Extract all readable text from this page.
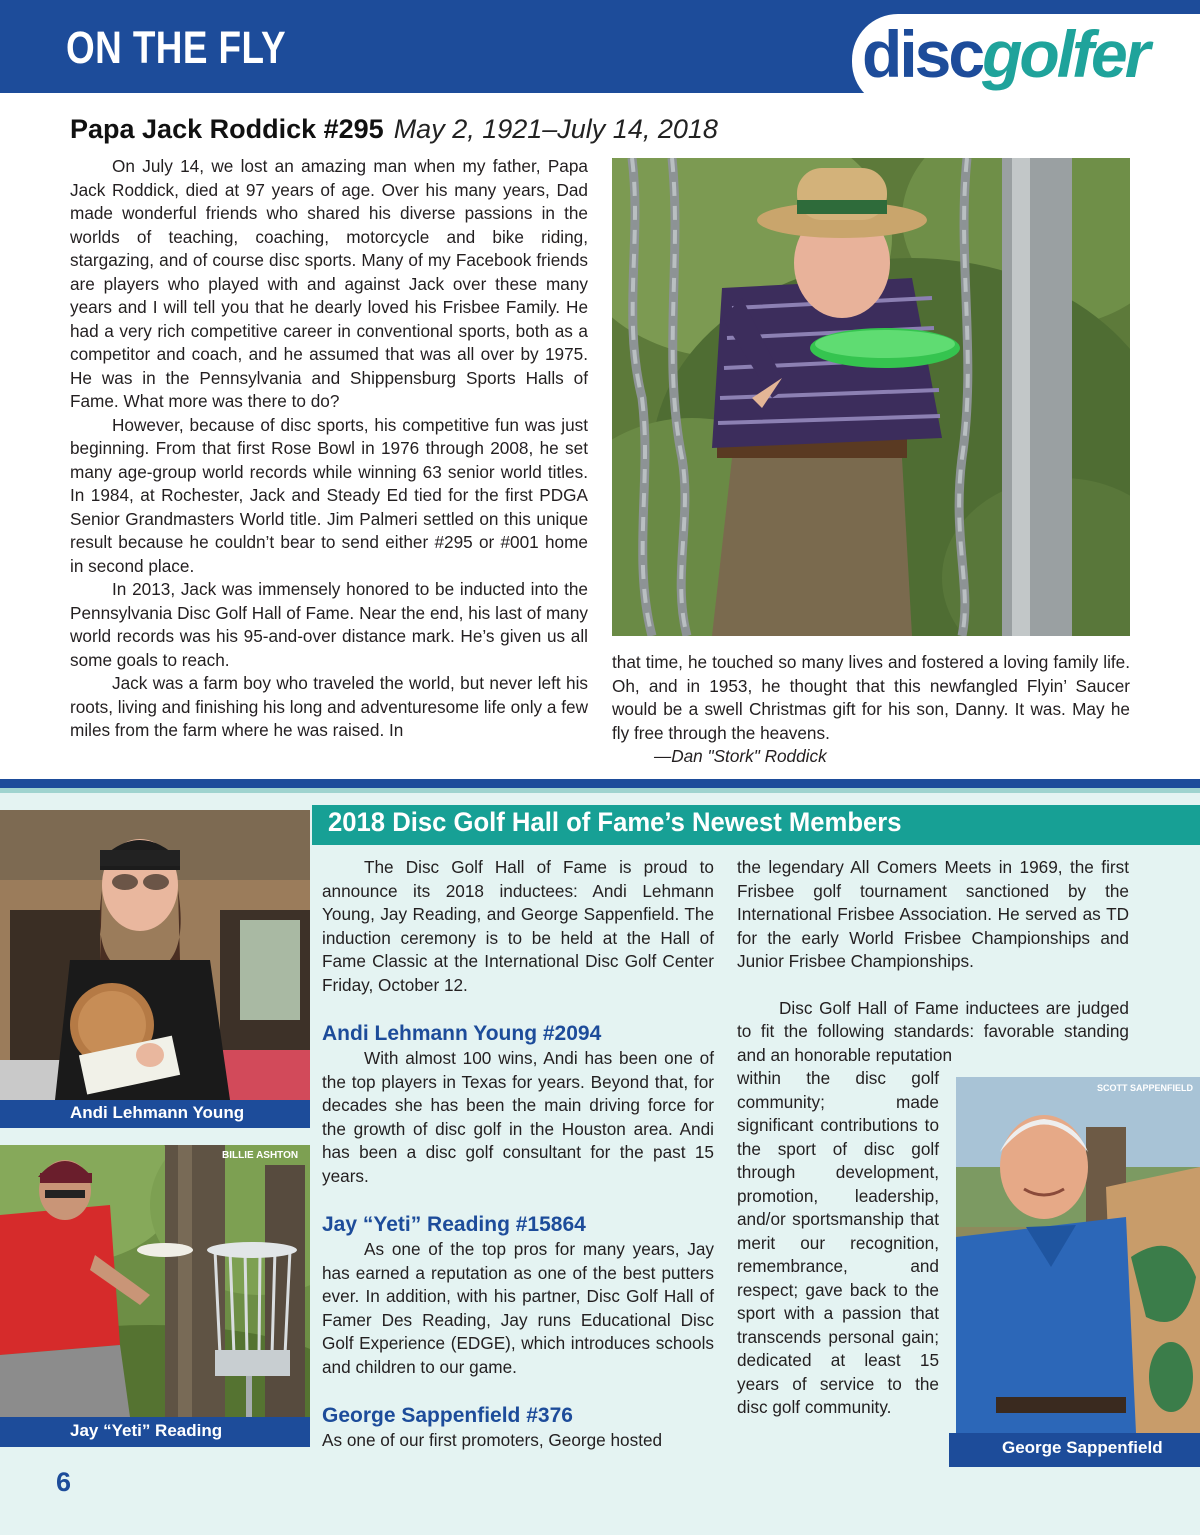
ON THE FLY	discgolfer
Papa Jack Roddick #295 May 2, 1921–July 14, 2018

On July 14, we lost an amazing man when my father, Papa Jack Roddick, died at 97 years of age. Over his many years, Dad made wonderful friends who shared his diverse passions in the worlds of teaching, coaching, motorcycle and bike riding, stargazing, and of course disc sports. Many of my Facebook friends are players who played with and against Jack over these many years and I will tell you that he dearly loved his Frisbee Family. He had a very rich competitive career in conventional sports, both as a competitor and coach, and he assumed that was all over by 1975. He was in the Pennsylvania and Shippensburg Sports Halls of Fame. What more was there to do?

However, because of disc sports, his competitive fun was just beginning. From that first Rose Bowl in 1976 through 2008, he set many age-group world records while winning 63 senior world titles. In 1984, at Rochester, Jack and Steady Ed tied for the first PDGA Senior Grandmasters World title. Jim Palmeri settled on this unique result because he couldn’t bear to send either #295 or #001 home in second place.

In 2013, Jack was immensely honored to be inducted into the Pennsylvania Disc Golf Hall of Fame. Near the end, his last of many world records was his 95-and-over distance mark. He’s given us all some goals to reach.

Jack was a farm boy who traveled the world, but never left his roots, living and finishing his long and adventuresome life only a few miles from the farm where he was raised. In

that time, he touched so many lives and fostered a loving family life. Oh, and in 1953, he thought that this newfangled Flyin’ Saucer would be a swell Christmas gift for his son, Danny. It was. May he fly free through the heavens.

—Dan "Stork" Roddick

2018 Disc Golf Hall of Fame’s Newest Members
Andi Lehmann Young
BILLIE ASHTON
Jay “Yeti” Reading

The Disc Golf Hall of Fame is proud to announce its 2018 inductees: Andi Lehmann Young, Jay Reading, and George Sappenfield. The induction ceremony is to be held at the Hall of Fame Classic at the International Disc Golf Center Friday, October 12.

Andi Lehmann Young #2094

With almost 100 wins, Andi has been one of the top players in Texas for years. Beyond that, for decades she has been the main driving force for the growth of disc golf in the Houston area. Andi has been a disc golf consultant for the past 15 years.

Jay “Yeti” Reading #15864

As one of the top pros for many years, Jay has earned a reputation as one of the best putters ever. In addition, with his partner, Disc Golf Hall of Famer Des Reading, Jay runs Educational Disc Golf Experience (EDGE), which introduces schools and children to our game.

George Sappenfield #376

As one of our first promoters, George hosted

the legendary All Comers Meets in 1969, the first Frisbee golf tournament sanctioned by the International Frisbee Association. He served as TD for the early World Frisbee Championships and Junior Frisbee Championships.

Disc Golf Hall of Fame inductees are judged to fit the following standards: favorable standing and an honorable reputation

within the disc golf community; made significant contributions to the sport of disc golf through development, promotion, leadership, and/or sportsmanship that merit our recognition, remembrance, and respect; gave back to the sport with a passion that transcends personal gain; dedicated at least 15 years of service to the disc golf community.

SCOTT SAPPENFIELD
George Sappenfield
6
